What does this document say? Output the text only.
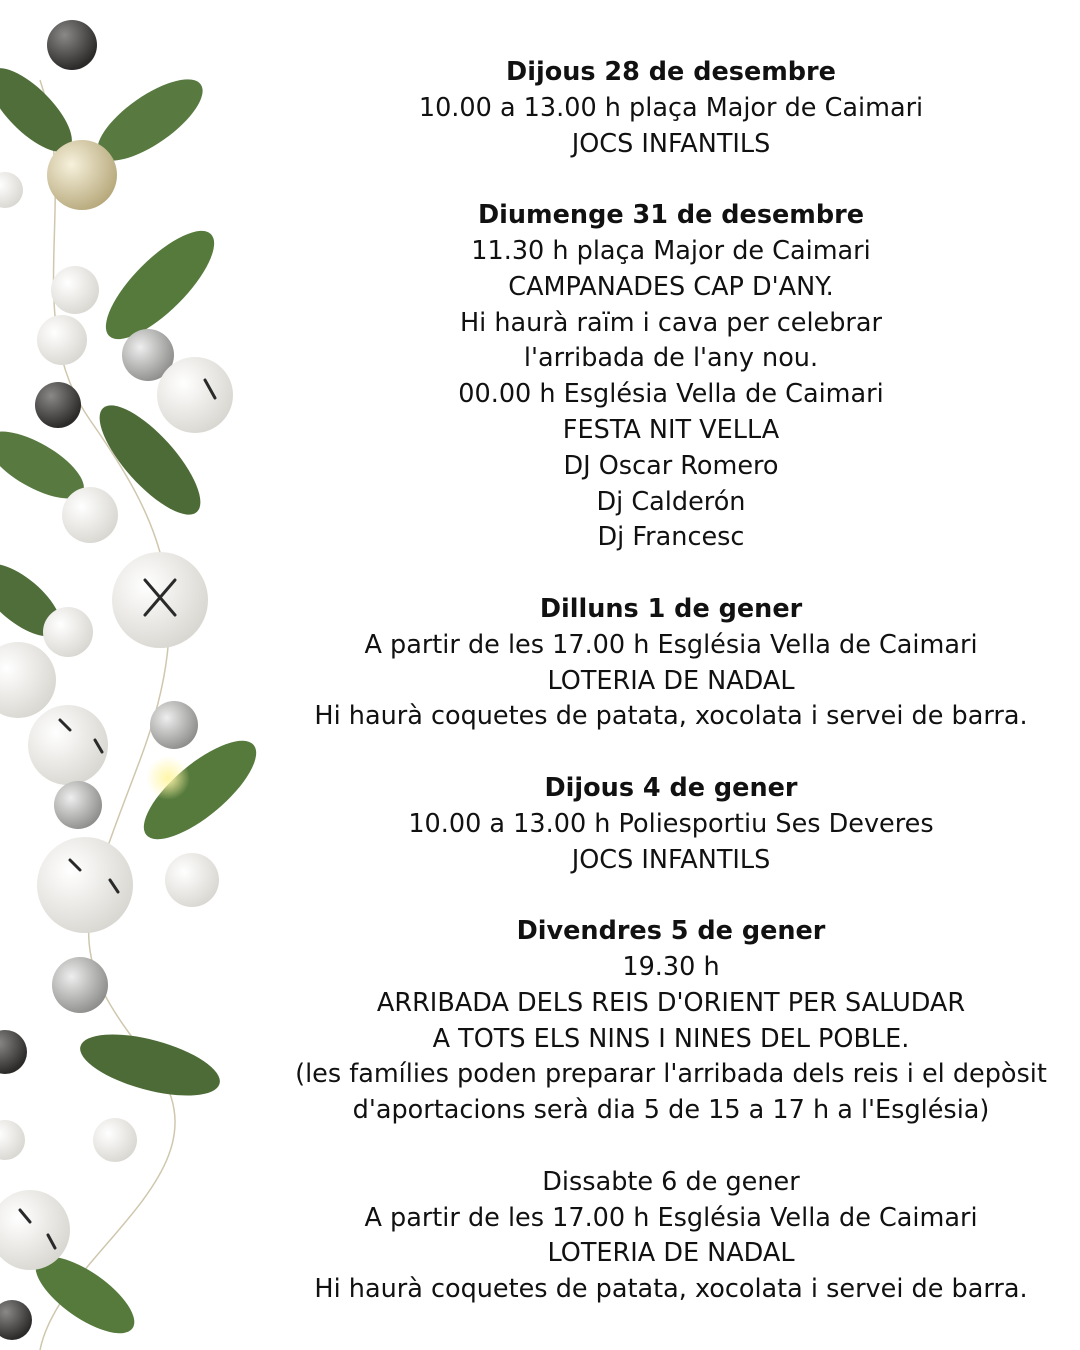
Dijous 28 de desembre
10.00 a 13.00 h plaça Major de Caimari
JOCS INFANTILS
Diumenge 31 de desembre
11.30 h plaça Major de Caimari
CAMPANADES CAP D'ANY.
Hi haurà raïm i cava per celebrar
l'arribada de l'any nou.
00.00 h Església Vella de Caimari
FESTA NIT VELLA
DJ Oscar Romero
Dj Calderón
Dj Francesc
Dilluns 1 de gener
A partir de les 17.00 h Església Vella de Caimari
LOTERIA DE NADAL
Hi haurà coquetes de patata, xocolata i servei de barra.
Dijous 4 de gener
10.00 a 13.00 h Poliesportiu Ses Deveres
JOCS INFANTILS
Divendres 5 de gener
19.30 h
ARRIBADA DELS REIS D'ORIENT PER SALUDAR
A TOTS ELS NINS I NINES DEL POBLE.
(les famílies poden preparar l'arribada dels reis i el depòsit
d'aportacions serà dia 5 de 15 a 17 h a l'Església)
Dissabte 6 de gener
A partir de les 17.00 h Església Vella de Caimari
LOTERIA DE NADAL
Hi haurà coquetes de patata, xocolata i servei de barra.
